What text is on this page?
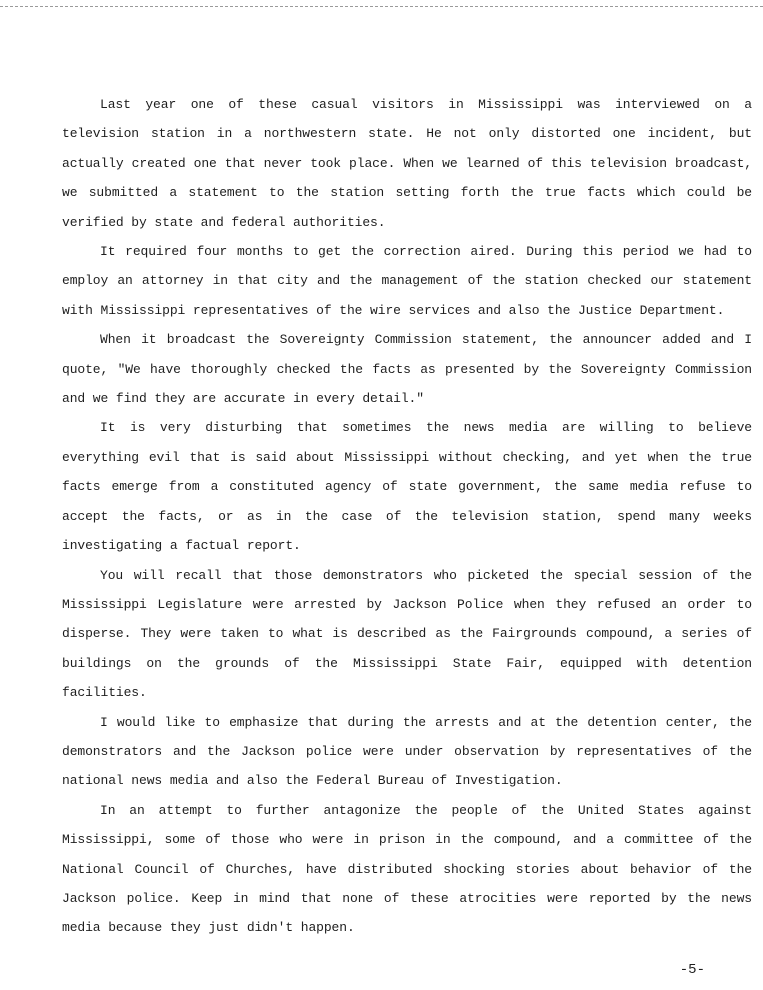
Last year one of these casual visitors in Mississippi was interviewed on a television station in a northwestern state. He not only distorted one incident, but actually created one that never took place. When we learned of this television broadcast, we submitted a statement to the station setting forth the true facts which could be verified by state and federal authorities.

It required four months to get the correction aired. During this period we had to employ an attorney in that city and the management of the station checked our statement with Mississippi representatives of the wire services and also the Justice Department.

When it broadcast the Sovereignty Commission statement, the announcer added and I quote, "We have thoroughly checked the facts as presented by the Sovereignty Commission and we find they are accurate in every detail."

It is very disturbing that sometimes the news media are willing to believe everything evil that is said about Mississippi without checking, and yet when the true facts emerge from a constituted agency of state government, the same media refuse to accept the facts, or as in the case of the television station, spend many weeks investigating a factual report.

You will recall that those demonstrators who picketed the special session of the Mississippi Legislature were arrested by Jackson Police when they refused an order to disperse. They were taken to what is described as the Fairgrounds compound, a series of buildings on the grounds of the Mississippi State Fair, equipped with detention facilities.

I would like to emphasize that during the arrests and at the detention center, the demonstrators and the Jackson police were under observation by representatives of the national news media and also the Federal Bureau of Investigation.

In an attempt to further antagonize the people of the United States against Mississippi, some of those who were in prison in the compound, and a committee of the National Council of Churches, have distributed shocking stories about behavior of the Jackson police. Keep in mind that none of these atrocities were reported by the news media because they just didn't happen.

-5-
